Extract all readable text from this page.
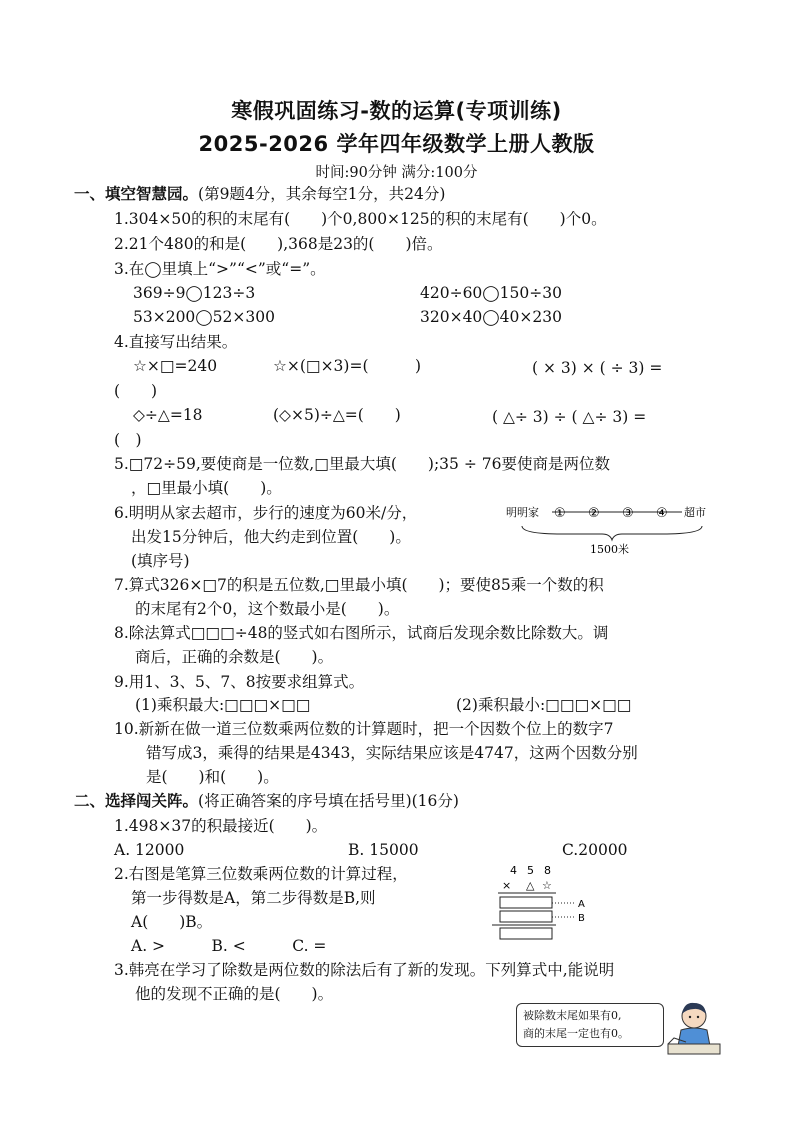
寒假巩固练习-数的运算(专项训练)
2025-2026 学年四年级数学上册人教版
时间:90分钟 满分:100分
一、填空智慧园。(第9题4分，其余每空1分，共24分)
1.304×50的积的末尾有(　　)个0,800×125的积的末尾有(　　)个0。
2.21个480的和是(　　),368是23的(　　)倍。
3.在◯里填上“>”“<”或“=”。
369÷9◯123÷3	420÷60◯150÷30
53×200◯52×300	320×40◯40×230
4.直接写出结果。
☆×□=240	☆×(□×3)=(　　　)	( × 3) × ( ÷ 3) =
(　　)
◇÷△=18	(◇×5)÷△=(　　)	( △÷ 3) ÷ ( △÷ 3) =
(　)
5.□72÷59,要使商是一位数,□里最大填(　　);35 ÷ 76要使商是两位数
，□里最小填(　　)。
6.明明从家去超市，步行的速度为60米/分，
出发15分钟后，他大约走到位置(　　)。
(填序号)
明明家 ① ② ③ ④ 超市
1500米
7.算式326×□7的积是五位数,□里最小填(　　)；要使85乘一个数的积
的末尾有2个0，这个数最小是(　　)。
8.除法算式□□□÷48的竖式如右图所示，试商后发现余数比除数大。调
商后，正确的余数是(　　)。
9.用1、3、5、7、8按要求组算式。
(1)乘积最大:□□□×□□	(2)乘积最小:□□□×□□
10.新新在做一道三位数乘两位数的计算题时，把一个因数个位上的数字7
错写成3，乘得的结果是4343，实际结果应该是4747，这两个因数分别
是(　　)和(　　)。
二、选择闯关阵。(将正确答案的序号填在括号里)(16分)
1.498×37的积最接近(　　)。
A. 12000	B. 15000	C.20000
2.右图是笔算三位数乘两位数的计算过程，
第一步得数是A，第二步得数是B,则
A(　　)B。
A. >　　　B. <　　　C. =
4 5 8
× △ ☆
A
B
3.韩亮在学习了除数是两位数的除法后有了新的发现。下列算式中,能说明
他的发现不正确的是(　　)。
被除数末尾如果有0,
商的末尾一定也有0。
